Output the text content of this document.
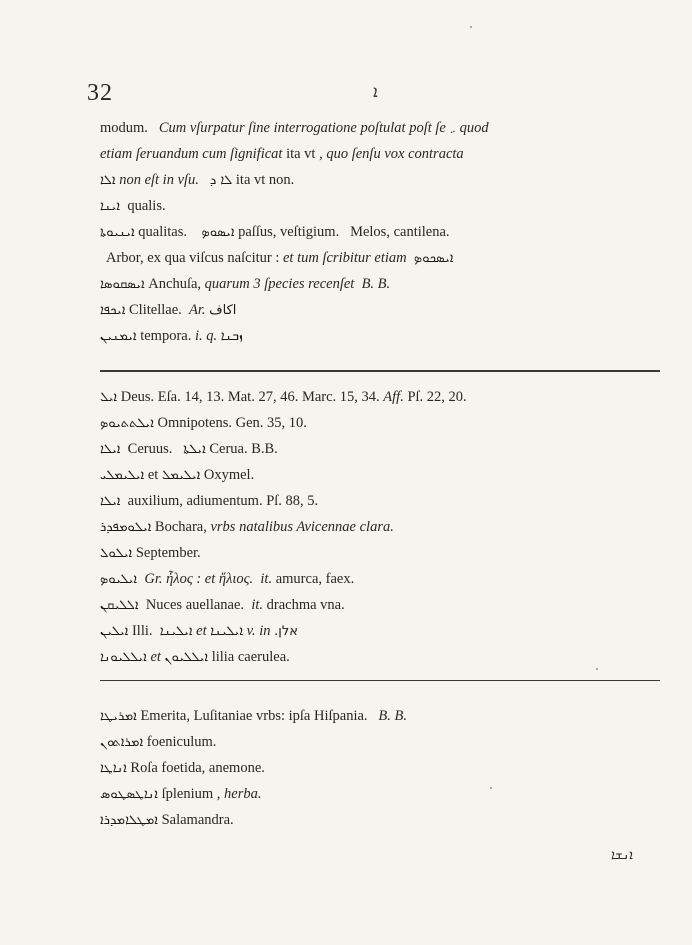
32	ܐ
modum. Cum vſurpatur ſine interrogatione poſtulat poſt ſe ܇ quod
etiam ſeruandum cum ſignificat ita vt , quo ſenſu vox contracta
ܐܠܐ non eſt in vſu. ܠܐ ܕ ita vt non.
ܐܝܢܐ qualis.
ܐܝܢܝܘܬܐ qualitas. ܐܝܣܘܤ paſſus, veſtigium. Melos, cantilena.
Arbor, ex qua viſcus naſcitur : et tum ſcribitur etiam ܐܝܣܟܘܤ
ܐܝܣܩܘܤܐ Anchuſa, quarum 3 ſpecies recenſet B. B.
ܐܝܟܦܐ Clitellae. Ar. اكاف
ܐܝܡܢܝܢ tempora. i. q. ܙܒܢܐ
ܐܝܠ Deus. Eſa. 14, 13. Mat. 27, 46. Marc. 15, 34. Aff. Pſ. 22, 20.
ܐܝܠܬܬܝܘܤ Omnipotens. Gen. 35, 10.
ܐܝܠܐ Ceruus. ܐܝܠܬܐ Cerua. B.B.
ܐܝܠܝܡܠܝ et ܐܝܠܝܡܠ Oxymel.
ܐܝܠܐ auxilium, adiumentum. Pſ. 88, 5.
ܐܝܠܘܡܦܕܪ Bochara, vrbs natalibus Avicennae clara.
ܐܝܠܘܠ September.
ܐܝܠܝܘܤ Gr. ἧλος : et ἥλιος. it. amurca, faex.
ܐܠܠܝܩܢ Nuces auellanae. it. drachma vna.
ܐܝܠܝܢ Illi. ܐܝܠܝܢܐ et ܐܝܠܝܢܐ v. in אלן.
ܐܝܠܠܝܘܢܐ et ܐܝܠܠܝܘܢ lilia caerulea.
ܐܡܪܝܛܐ Emerita, Luſitaniae vrbs: ipſa Hiſpania. B. B.
ܐܡܪܐܬܘܢ foeniculum.
ܐܢܐܛܐ Roſa foetida, anemone.
ܐܢܐܛܣܛܘܣ ſplenium , herba.
ܐܡܛܠܐܡܕܪܐ Salamandra.
ܐܢܫܐ
